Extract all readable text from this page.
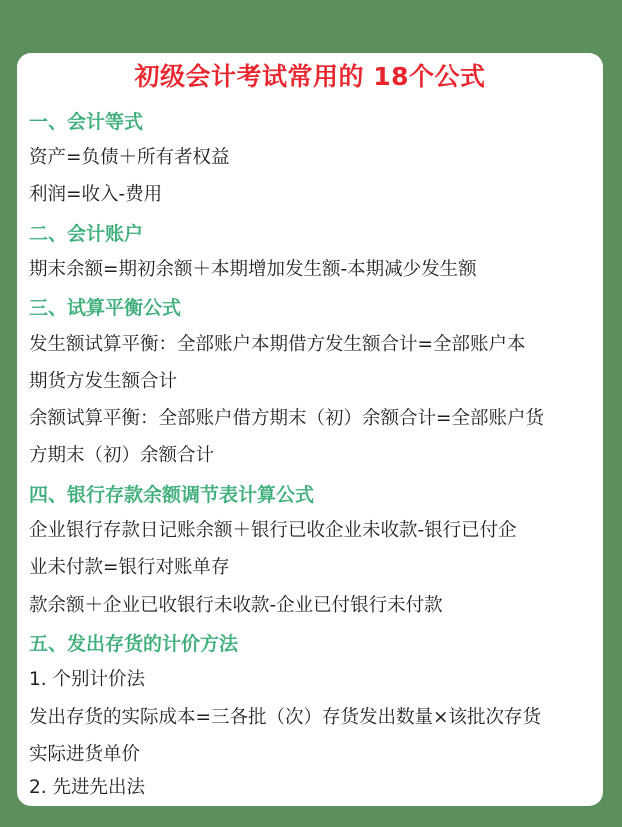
初级会计考试常用的 18个公式
一、会计等式
资产=负债＋所有者权益
利润=收入-费用
二、会计账户
期末余额=期初余额＋本期增加发生额-本期减少发生额
三、试算平衡公式
发生额试算平衡：全部账户本期借方发生额合计=全部账户本
期货方发生额合计
余额试算平衡：全部账户借方期末（初）余额合计=全部账户货
方期末（初）余额合计
四、银行存款余额调节表计算公式
企业银行存款日记账余额＋银行已收企业未收款-银行已付企
业未付款=银行对账单存
款余额＋企业已收银行未收款-企业已付银行未付款
五、发出存货的计价方法
1. 个别计价法
发出存货的实际成本=三各批（次）存货发出数量×该批次存货
实际进货单价
2. 先进先出法
